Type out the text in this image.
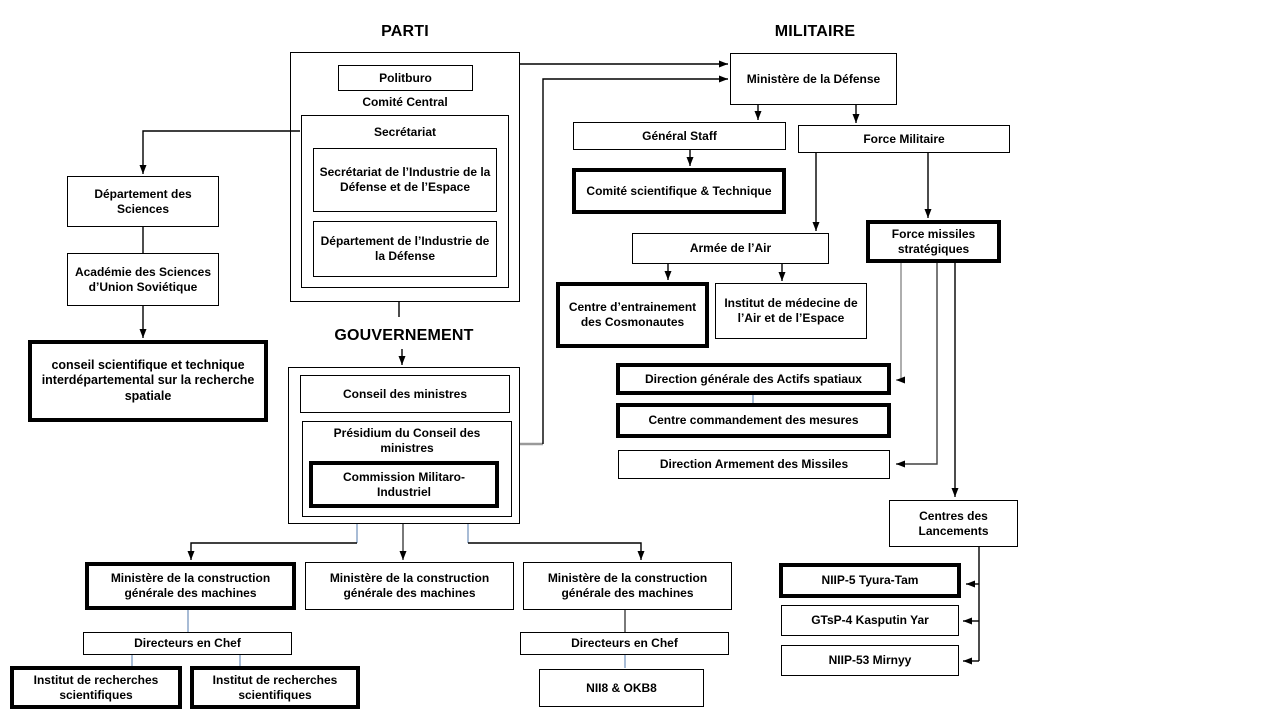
PARTI	MILITAIRE
GOUVERNEMENT
Politburo
Comité Central
Secrétariat
Secrétariat de l’Industrie de la Défense et de l’Espace
Département de l’Industrie de la Défense
Département des Sciences
Académie des Sciences d’Union Soviétique
conseil scientifique et technique interdépartemental sur la recherche spatiale	Conseil des ministres
Présidium du Conseil des ministres
Commission Militaro-Industriel
Ministère de la Défense
Général Staff	Force Militaire
Comité scientifique & Technique
Armée de l’Air
Centre d’entrainement des Cosmonautes
Institut de médecine de l’Air et de l’Espace
Force missiles stratégiques
Direction générale des Actifs spatiaux
Centre commandement des mesures
Direction Armement des Missiles
Centres des Lancements
NIIP-5 Tyura-Tam
GTsP-4 Kasputin Yar
NIIP-53 Mirnyy
Ministère de la construction générale des machines
Ministère de la construction générale des machines
Ministère de la construction générale des machines
Directeurs en Chef
Institut de recherches scientifiques
Institut de recherches scientifiques
Directeurs en Chef
NII8 & OKB8
